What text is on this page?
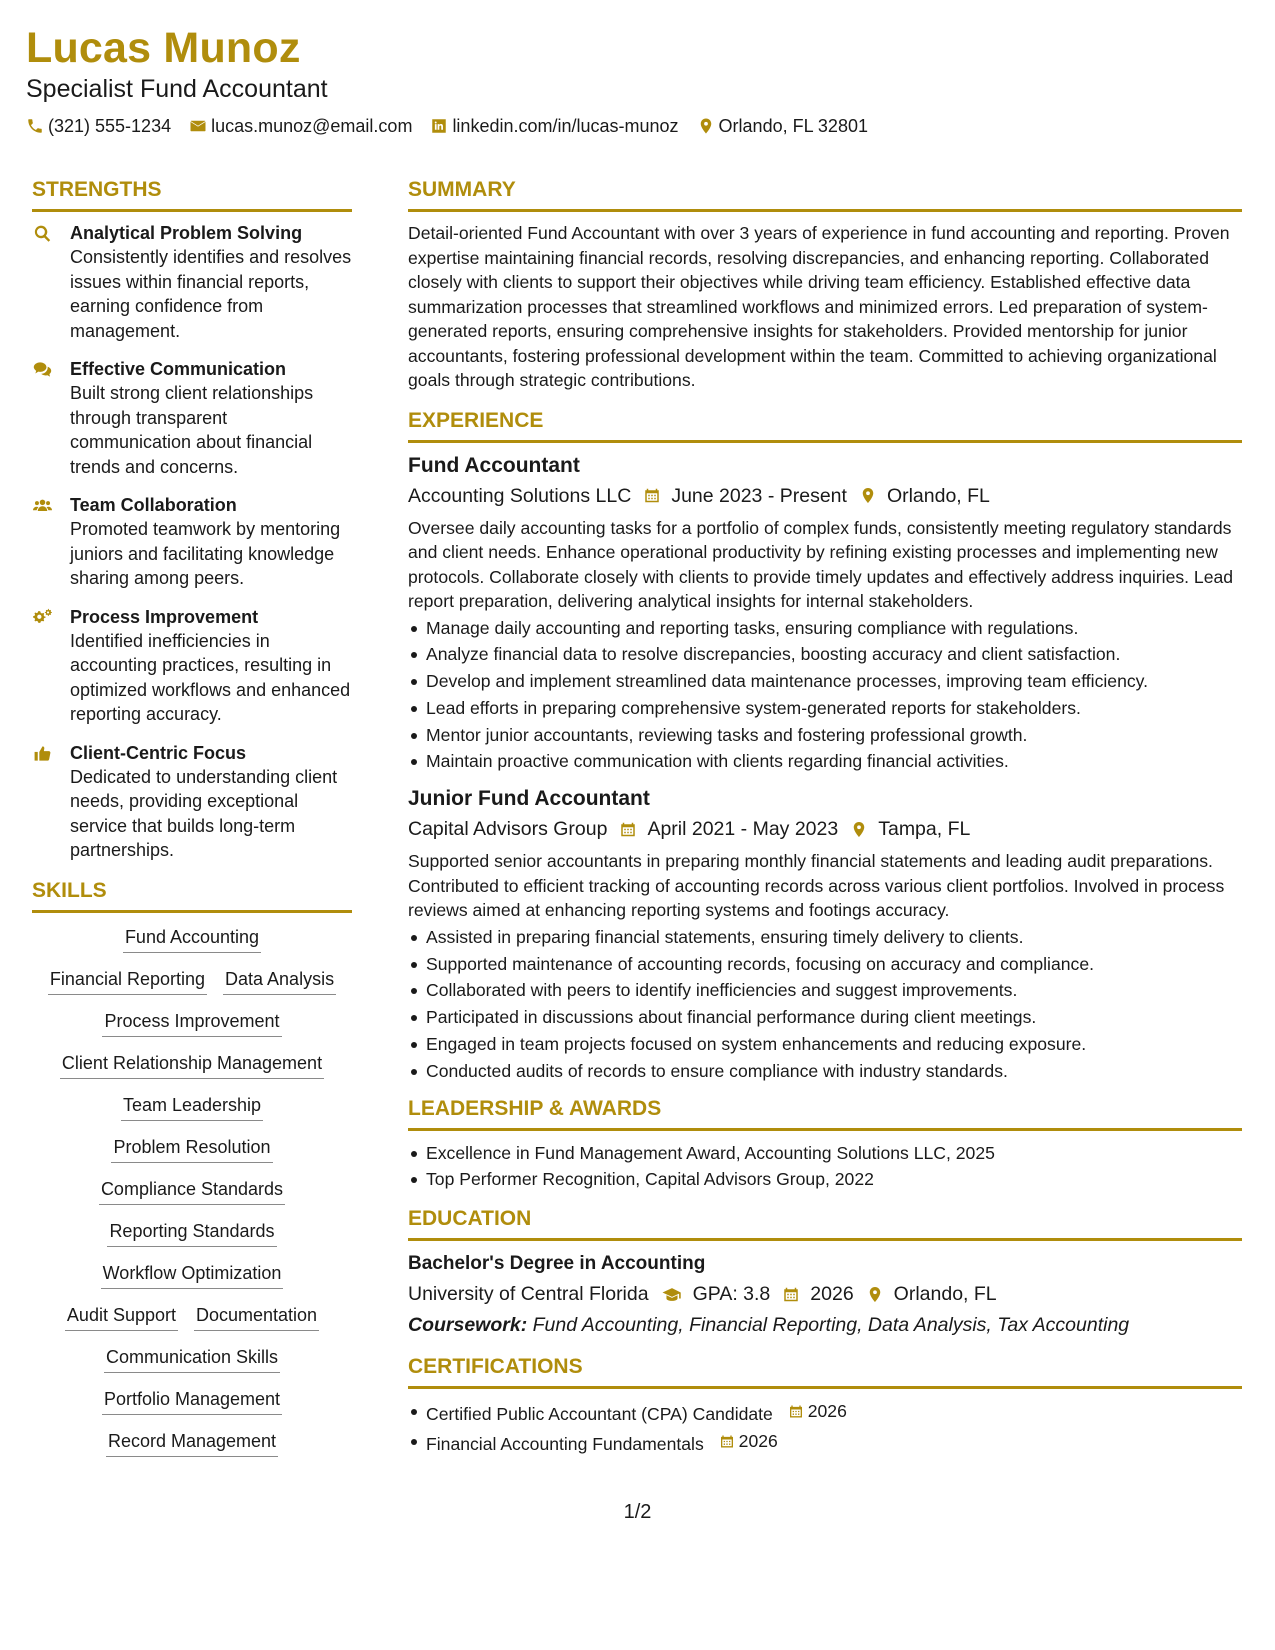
Lucas Munoz
Specialist Fund Accountant
(321) 555-1234 lucas.munoz@email.com linkedin.com/in/lucas-munoz Orlando, FL 32801
STRENGTHS
Analytical Problem Solving
Consistently identifies and resolves issues within financial reports, earning confidence from management.
Effective Communication
Built strong client relationships through transparent communication about financial trends and concerns.
Team Collaboration
Promoted teamwork by mentoring juniors and facilitating knowledge sharing among peers.
Process Improvement
Identified inefficiencies in accounting practices, resulting in optimized workflows and enhanced reporting accuracy.
Client-Centric Focus
Dedicated to understanding client needs, providing exceptional service that builds long-term partnerships.
SKILLS
Fund Accounting
Financial Reporting Data Analysis
Process Improvement
Client Relationship Management
Team Leadership
Problem Resolution
Compliance Standards
Reporting Standards
Workflow Optimization
Audit Support Documentation
Communication Skills
Portfolio Management
Record Management
SUMMARY
Detail-oriented Fund Accountant with over 3 years of experience in fund accounting and reporting. Proven expertise maintaining financial records, resolving discrepancies, and enhancing reporting. Collaborated closely with clients to support their objectives while driving team efficiency. Established effective data summarization processes that streamlined workflows and minimized errors. Led preparation of system-generated reports, ensuring comprehensive insights for stakeholders. Provided mentorship for junior accountants, fostering professional development within the team. Committed to achieving organizational goals through strategic contributions.
EXPERIENCE
Fund Accountant
Accounting Solutions LLC June 2023 - Present Orlando, FL
Oversee daily accounting tasks for a portfolio of complex funds, consistently meeting regulatory standards and client needs. Enhance operational productivity by refining existing processes and implementing new protocols. Collaborate closely with clients to provide timely updates and effectively address inquiries. Lead report preparation, delivering analytical insights for internal stakeholders.
Manage daily accounting and reporting tasks, ensuring compliance with regulations.
Analyze financial data to resolve discrepancies, boosting accuracy and client satisfaction.
Develop and implement streamlined data maintenance processes, improving team efficiency.
Lead efforts in preparing comprehensive system-generated reports for stakeholders.
Mentor junior accountants, reviewing tasks and fostering professional growth.
Maintain proactive communication with clients regarding financial activities.
Junior Fund Accountant
Capital Advisors Group April 2021 - May 2023 Tampa, FL
Supported senior accountants in preparing monthly financial statements and leading audit preparations. Contributed to efficient tracking of accounting records across various client portfolios. Involved in process reviews aimed at enhancing reporting systems and footings accuracy.
Assisted in preparing financial statements, ensuring timely delivery to clients.
Supported maintenance of accounting records, focusing on accuracy and compliance.
Collaborated with peers to identify inefficiencies and suggest improvements.
Participated in discussions about financial performance during client meetings.
Engaged in team projects focused on system enhancements and reducing exposure.
Conducted audits of records to ensure compliance with industry standards.
LEADERSHIP & AWARDS
Excellence in Fund Management Award, Accounting Solutions LLC, 2025
Top Performer Recognition, Capital Advisors Group, 2022
EDUCATION
Bachelor's Degree in Accounting
University of Central Florida GPA: 3.8 2026 Orlando, FL
Coursework: Fund Accounting, Financial Reporting, Data Analysis, Tax Accounting
CERTIFICATIONS
Certified Public Accountant (CPA) Candidate 2026
Financial Accounting Fundamentals 2026
1/2
